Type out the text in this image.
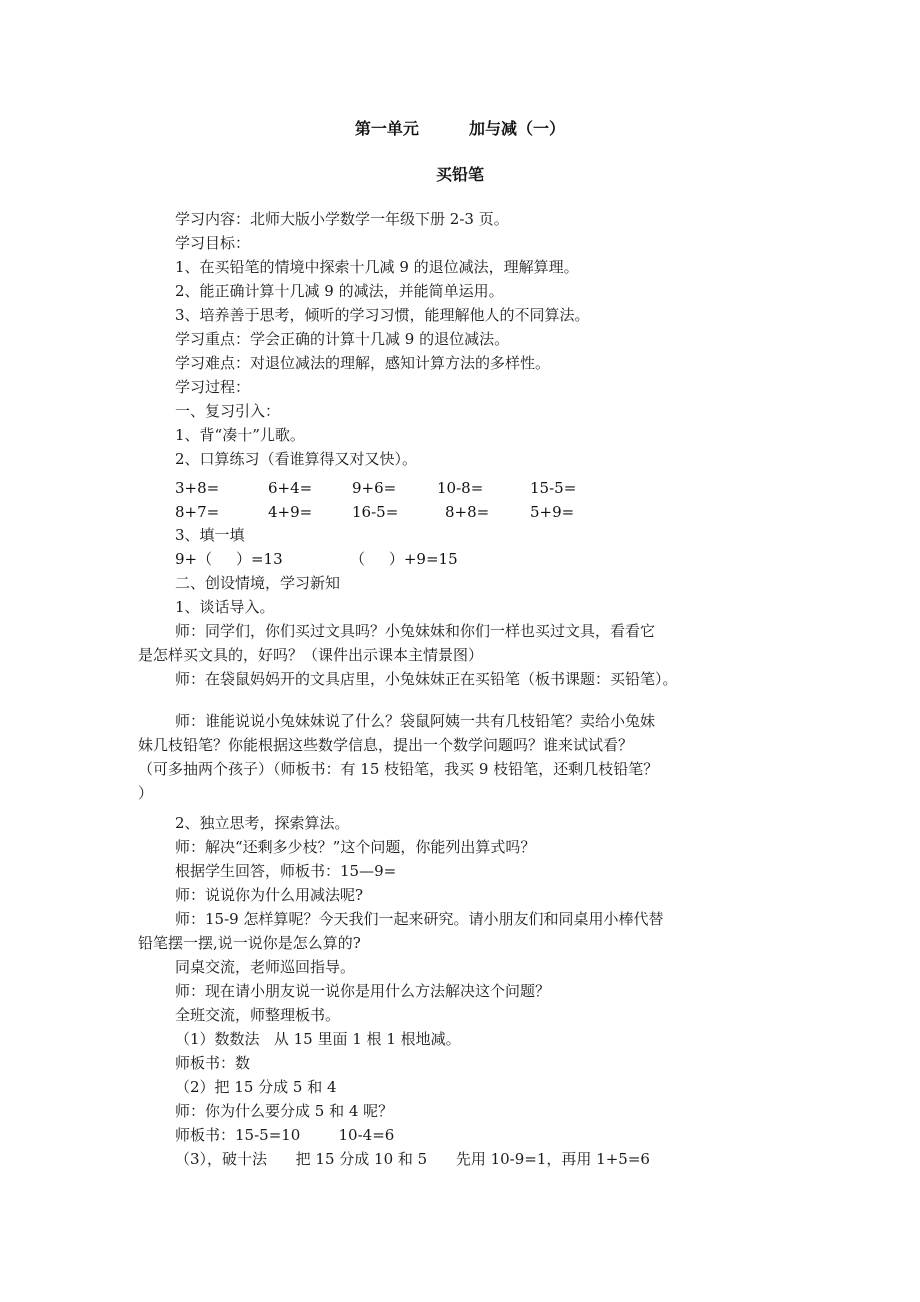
第一单元         加与减（一）
买铅笔
学习内容：北师大版小学数学一年级下册 2-3 页。
学习目标：
1、在买铅笔的情境中探索十几减 9 的退位减法，理解算理。
2、能正确计算十几减 9 的减法，并能简单运用。
3、培养善于思考，倾听的学习习惯，能理解他人的不同算法。
学习重点：学会正确的计算十几减 9 的退位减法。
学习难点：对退位减法的理解，感知计算方法的多样性。
学习过程：
一、复习引入：
1、背“凑十”儿歌。
2、口算练习（看谁算得又对又快）。
3+8=	6+4=	9+6=	10-8=	15-5=
8+7=	4+9=	16-5=	8+8=	5+9=
3、填一填
9+（     ）=13	（     ）+9=15
二、创设情境，学习新知
1、谈话导入。
师：同学们，你们买过文具吗？小兔妹妹和你们一样也买过文具，看看它
是怎样买文具的，好吗？（课件出示课本主情景图）
师：在袋鼠妈妈开的文具店里，小兔妹妹正在买铅笔（板书课题：买铅笔）。
师：谁能说说小兔妹妹说了什么？袋鼠阿姨一共有几枝铅笔？卖给小兔妹
妹几枝铅笔？你能根据这些数学信息，提出一个数学问题吗？谁来试试看？
（可多抽两个孩子）（师板书：有 15 枝铅笔，我买 9 枝铅笔，还剩几枝铅笔？
）
2、独立思考，探索算法。
师：解决“还剩多少枝？”这个问题，你能列出算式吗？
根据学生回答，师板书：15—9=
师：说说你为什么用减法呢?
师：15-9 怎样算呢？今天我们一起来研究。请小朋友们和同桌用小棒代替
铅笔摆一摆,说一说你是怎么算的?
同桌交流，老师巡回指导。
师：现在请小朋友说一说你是用什么方法解决这个问题？
全班交流，师整理板书。
（1）数数法   从 15 里面 1 根 1 根地减。
师板书：数
（2）把 15 分成 5 和 4
师：你为什么要分成 5 和 4 呢？
师板书：15-5=10        10-4=6
（3），破十法      把 15 分成 10 和 5      先用 10-9=1，再用 1+5=6
